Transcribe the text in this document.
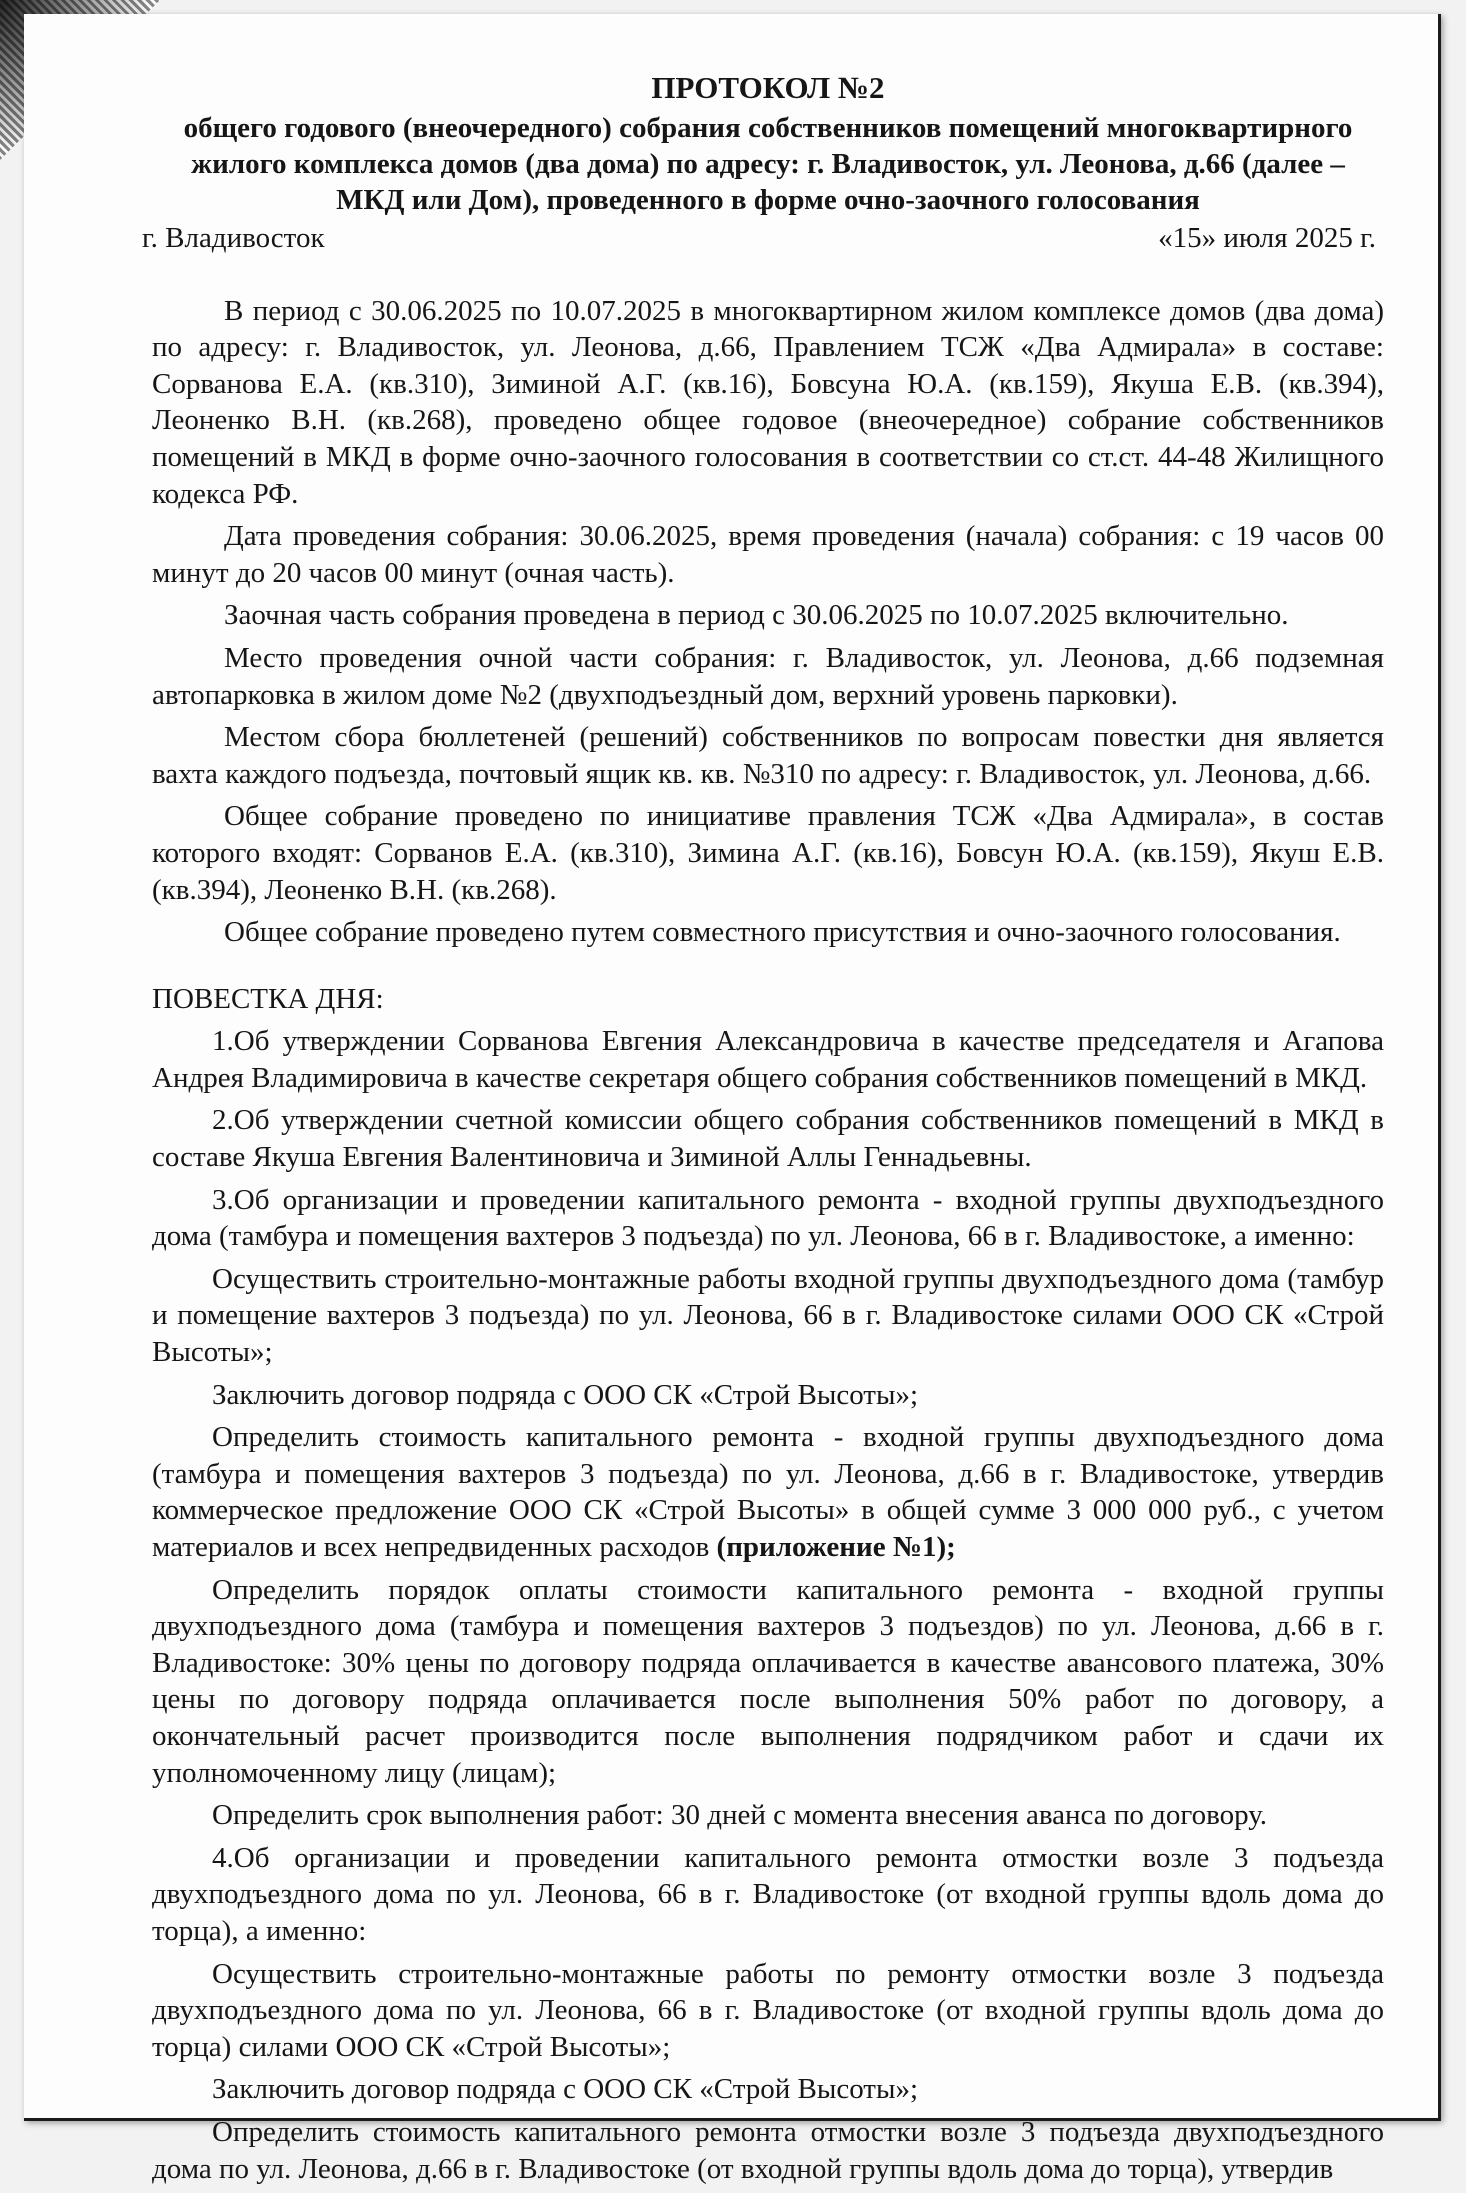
ПРОТОКОЛ №2
общего годового (внеочередного) собрания собственников помещений многоквартирного
жилого комплекса домов (два дома) по адресу: г. Владивосток, ул. Леонова, д.66 (далее –
МКД или Дом), проведенного в форме очно-заочного голосования
г. Владивосток	«15» июля 2025 г.

В период с 30.06.2025 по 10.07.2025 в многоквартирном жилом комплексе домов (два дома) по адресу: г. Владивосток, ул. Леонова, д.66, Правлением ТСЖ «Два Адмирала» в составе: Сорванова Е.А. (кв.310), Зиминой А.Г. (кв.16), Бовсуна Ю.А. (кв.159), Якуша Е.В. (кв.394), Леоненко В.Н. (кв.268), проведено общее годовое (внеочередное) собрание собственников помещений в МКД в форме очно-заочного голосования в соответствии со ст.ст. 44-48 Жилищного кодекса РФ.

Дата проведения собрания: 30.06.2025, время проведения (начала) собрания: с 19 часов 00 минут до 20 часов 00 минут (очная часть).

Заочная часть собрания проведена в период с 30.06.2025 по 10.07.2025 включительно.

Место проведения очной части собрания: г. Владивосток, ул. Леонова, д.66 подземная автопарковка в жилом доме №2 (двухподъездный дом, верхний уровень парковки).

Местом сбора бюллетеней (решений) собственников по вопросам повестки дня является вахта каждого подъезда, почтовый ящик кв. кв. №310 по адресу: г. Владивосток, ул. Леонова, д.66.

Общее собрание проведено по инициативе правления ТСЖ «Два Адмирала», в состав которого входят: Сорванов Е.А. (кв.310), Зимина А.Г. (кв.16), Бовсун Ю.А. (кв.159), Якуш Е.В. (кв.394), Леоненко В.Н. (кв.268).

Общее собрание проведено путем совместного присутствия и очно-заочного голосования.

ПОВЕСТКА ДНЯ:

1.Об утверждении Сорванова Евгения Александровича в качестве председателя и Агапова Андрея Владимировича в качестве секретаря общего собрания собственников помещений в МКД.

2.Об утверждении счетной комиссии общего собрания собственников помещений в МКД в составе Якуша Евгения Валентиновича и Зиминой Аллы Геннадьевны.

3.Об организации и проведении капитального ремонта - входной группы двухподъездного дома (тамбура и помещения вахтеров 3 подъезда) по ул. Леонова, 66 в г. Владивостоке, а именно:

Осуществить строительно-монтажные работы входной группы двухподъездного дома (тамбур и помещение вахтеров 3 подъезда) по ул. Леонова, 66 в г. Владивостоке силами ООО СК «Строй Высоты»;

Заключить договор подряда с ООО СК «Строй Высоты»;

Определить стоимость капитального ремонта - входной группы двухподъездного дома (тамбура и помещения вахтеров 3 подъезда) по ул. Леонова, д.66 в г. Владивостоке, утвердив коммерческое предложение ООО СК «Строй Высоты» в общей сумме 3 000 000 руб., с учетом материалов и всех непредвиденных расходов (приложение №1);

Определить порядок оплаты стоимости капитального ремонта - входной группы двухподъездного дома (тамбура и помещения вахтеров 3 подъездов) по ул. Леонова, д.66 в г. Владивостоке: 30% цены по договору подряда оплачивается в качестве авансового платежа, 30% цены по договору подряда оплачивается после выполнения 50% работ по договору, а окончательный расчет производится после выполнения подрядчиком работ и сдачи их уполномоченному лицу (лицам);

Определить срок выполнения работ: 30 дней с момента внесения аванса по договору.

4.Об организации и проведении капитального ремонта отмостки возле 3 подъезда двухподъездного дома по ул. Леонова, 66 в г. Владивостоке (от входной группы вдоль дома до торца), а именно:

Осуществить строительно-монтажные работы по ремонту отмостки возле 3 подъезда двухподъездного дома по ул. Леонова, 66 в г. Владивостоке (от входной группы вдоль дома до торца) силами ООО СК «Строй Высоты»;

Заключить договор подряда с ООО СК «Строй Высоты»;

Определить стоимость капитального ремонта отмостки возле 3 подъезда двухподъездного дома по ул. Леонова, д.66 в г. Владивостоке (от входной группы вдоль дома до торца), утвердив
